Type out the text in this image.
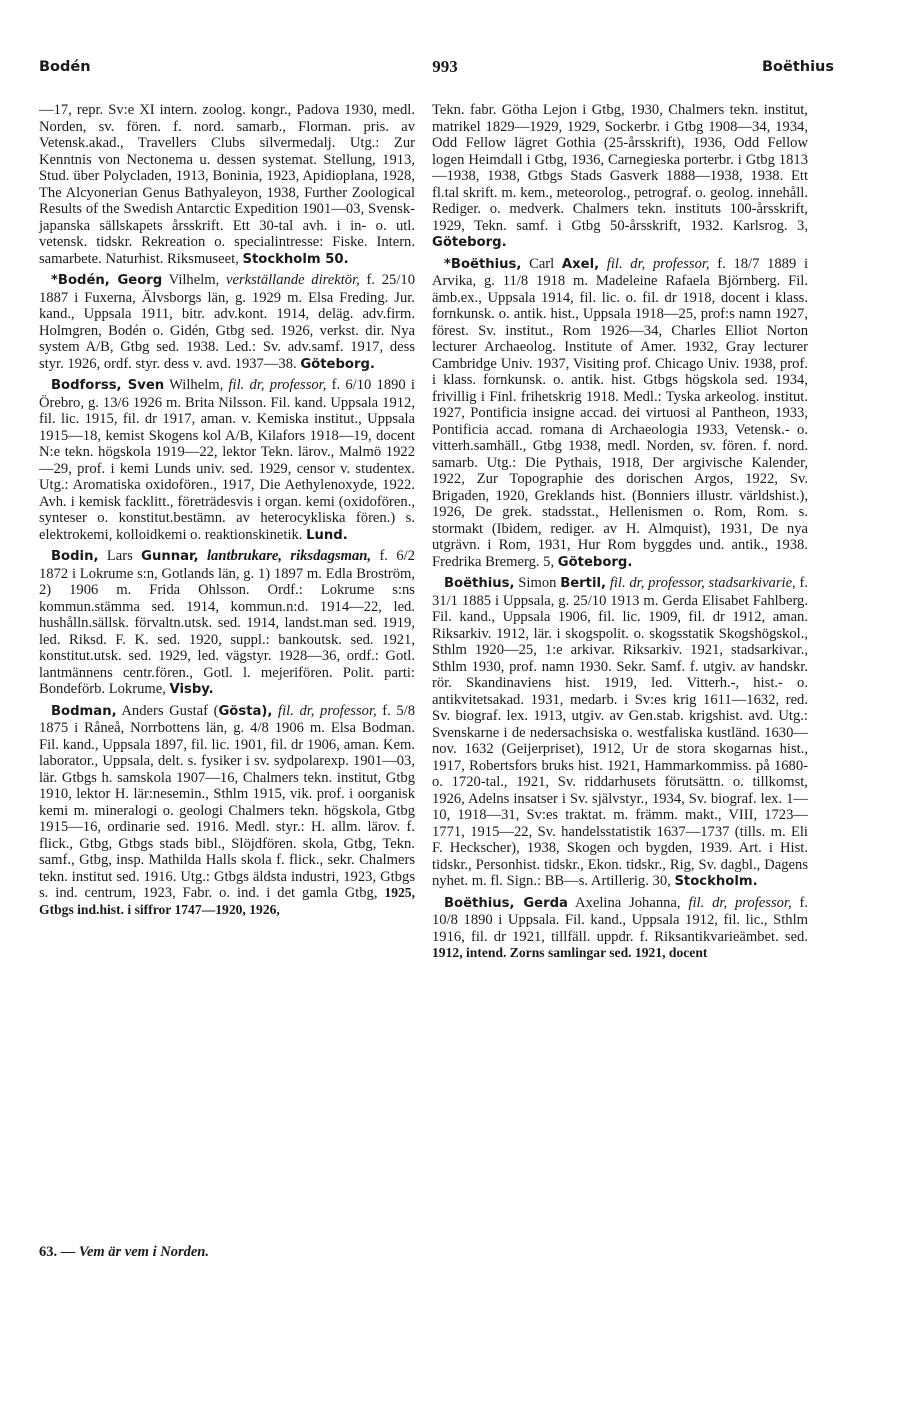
Bodén	993	Boëthius

—17, repr. Sv:e XI intern. zoolog. kongr., Padova 1930, medl. Norden, sv. fören. f. nord. samarb., Florman. pris. av Vetensk.akad., Travellers Clubs silvermedalj. Utg.: Zur Kenntnis von Nectonema u. dessen systemat. Stellung, 1913, Stud. über Polycladen, 1913, Boninia, 1923, Apidioplana, 1928, The Alcyonerian Genus Bathyaleyon, 1938, Further Zoological Results of the Swedish Antarctic Expedition 1901—03, Svensk-japanska sällskapets årsskrift. Ett 30-tal avh. i in- o. utl. vetensk. tidskr. Rekreation o. specialintresse: Fiske. Intern. samarbete. Naturhist. Riksmuseet, Stockholm 50.

*Bodén, Georg Vilhelm, verkställande direktör, f. 25/10 1887 i Fuxerna, Älvsborgs län, g. 1929 m. Elsa Freding. Jur. kand., Uppsala 1911, bitr. adv.kont. 1914, deläg. adv.firm. Holmgren, Bodén o. Gidén, Gtbg sed. 1926, verkst. dir. Nya system A/B, Gtbg sed. 1938. Led.: Sv. adv.samf. 1917, dess styr. 1926, ordf. styr. dess v. avd. 1937—38. Göteborg.

Bodforss, Sven Wilhelm, fil. dr, professor, f. 6/10 1890 i Örebro, g. 13/6 1926 m. Brita Nilsson. Fil. kand. Uppsala 1912, fil. lic. 1915, fil. dr 1917, aman. v. Kemiska institut., Uppsala 1915—18, kemist Skogens kol A/B, Kilafors 1918—19, docent N:e tekn. högskola 1919—22, lektor Tekn. lärov., Malmö 1922—29, prof. i kemi Lunds univ. sed. 1929, censor v. studentex. Utg.: Aromatiska oxidofören., 1917, Die Aethylenoxyde, 1922. Avh. i kemisk facklitt., företrädesvis i organ. kemi (oxidofören., synteser o. konstitut.bestämn. av heterocykliska fören.) s. elektrokemi, kolloidkemi o. reaktionskinetik. Lund.

Bodin, Lars Gunnar, lantbrukare, riksdagsman, f. 6/2 1872 i Lokrume s:n, Gotlands län, g. 1) 1897 m. Edla Broström, 2) 1906 m. Frida Ohlsson. Ordf.: Lokrume s:ns kommun.stämma sed. 1914, kommun.n:d. 1914—22, led. hushålln.sällsk. förvaltn.utsk. sed. 1914, landst.man sed. 1919, led. Riksd. F. K. sed. 1920, suppl.: bankoutsk. sed. 1921, konstitut.utsk. sed. 1929, led. vägstyr. 1928—36, ordf.: Gotl. lantmännens centr.fören., Gotl. l. mejerifören. Polit. parti: Bondeförb. Lokrume, Visby.

Bodman, Anders Gustaf (Gösta), fil. dr, professor, f. 5/8 1875 i Råneå, Norrbottens län, g. 4/8 1906 m. Elsa Bodman. Fil. kand., Uppsala 1897, fil. lic. 1901, fil. dr 1906, aman. Kem. laborator., Uppsala, delt. s. fysiker i sv. sydpolarexp. 1901—03, lär. Gtbgs h. samskola 1907—16, Chalmers tekn. institut, Gtbg 1910, lektor H. lär:nesemin., Sthlm 1915, vik. prof. i oorganisk kemi m. mineralogi o. geologi Chalmers tekn. högskola, Gtbg 1915—16, ordinarie sed. 1916. Medl. styr.: H. allm. lärov. f. flick., Gtbg, Gtbgs stads bibl., Slöjdfören. skola, Gtbg, Tekn. samf., Gtbg, insp. Mathilda Halls skola f. flick., sekr. Chalmers tekn. institut sed. 1916. Utg.: Gtbgs äldsta industri, 1923, Gtbgs s. ind. centrum, 1923, Fabr. o. ind. i det gamla Gtbg, 1925, Gtbgs ind.hist. i siffror 1747—1920, 1926,

Tekn. fabr. Götha Lejon i Gtbg, 1930, Chalmers tekn. institut, matrikel 1829—1929, 1929, Sockerbr. i Gtbg 1908—34, 1934, Odd Fellow lägret Gothia (25-årsskrift), 1936, Odd Fellow logen Heimdall i Gtbg, 1936, Carnegieska porterbr. i Gtbg 1813—1938, 1938, Gtbgs Stads Gasverk 1888—1938, 1938. Ett fl.tal skrift. m. kem., meteorolog., petrograf. o. geolog. innehåll. Rediger. o. medverk. Chalmers tekn. instituts 100-årsskrift, 1929, Tekn. samf. i Gtbg 50-årsskrift, 1932. Karlsrog. 3, Göteborg.

*Boëthius, Carl Axel, fil. dr, professor, f. 18/7 1889 i Arvika, g. 11/8 1918 m. Madeleine Rafaela Björnberg. Fil. ämb.ex., Uppsala 1914, fil. lic. o. fil. dr 1918, docent i klass. fornkunsk. o. antik. hist., Uppsala 1918—25, prof:s namn 1927, förest. Sv. institut., Rom 1926—34, Charles Elliot Norton lecturer Archaeolog. Institute of Amer. 1932, Gray lecturer Cambridge Univ. 1937, Visiting prof. Chicago Univ. 1938, prof. i klass. fornkunsk. o. antik. hist. Gtbgs högskola sed. 1934, frivillig i Finl. frihetskrig 1918. Medl.: Tyska arkeolog. institut. 1927, Pontificia insigne accad. dei virtuosi al Pantheon, 1933, Pontificia accad. romana di Archaeologia 1933, Vetensk.- o. vitterh.samhäll., Gtbg 1938, medl. Norden, sv. fören. f. nord. samarb. Utg.: Die Pythais, 1918, Der argivische Kalender, 1922, Zur Topographie des dorischen Argos, 1922, Sv. Brigaden, 1920, Greklands hist. (Bonniers illustr. världshist.), 1926, De grek. stadsstat., Hellenismen o. Rom, Rom. s. stormakt (Ibidem, rediger. av H. Almquist), 1931, De nya utgrävn. i Rom, 1931, Hur Rom byggdes und. antik., 1938. Fredrika Bremerg. 5, Göteborg.

Boëthius, Simon Bertil, fil. dr, professor, stadsarkivarie, f. 31/1 1885 i Uppsala, g. 25/10 1913 m. Gerda Elisabet Fahlberg. Fil. kand., Uppsala 1906, fil. lic. 1909, fil. dr 1912, aman. Riksarkiv. 1912, lär. i skogspolit. o. skogsstatik Skogshögskol., Sthlm 1920—25, 1:e arkivar. Riksarkiv. 1921, stadsarkivar., Sthlm 1930, prof. namn 1930. Sekr. Samf. f. utgiv. av handskr. rör. Skandinaviens hist. 1919, led. Vitterh.-, hist.- o. antikvitetsakad. 1931, medarb. i Sv:es krig 1611—1632, red. Sv. biograf. lex. 1913, utgiv. av Gen.stab. krigshist. avd. Utg.: Svenskarne i de nedersachsiska o. westfaliska kustländ. 1630—nov. 1632 (Geijerpriset), 1912, Ur de stora skogarnas hist., 1917, Robertsfors bruks hist. 1921, Hammarkommiss. på 1680- o. 1720-tal., 1921, Sv. riddarhusets förutsättn. o. tillkomst, 1926, Adelns insatser i Sv. självstyr., 1934, Sv. biograf. lex. 1—10, 1918—31, Sv:es traktat. m. främm. makt., VIII, 1723—1771, 1915—22, Sv. handelsstatistik 1637—1737 (tills. m. Eli F. Heckscher), 1938, Skogen och bygden, 1939. Art. i Hist. tidskr., Personhist. tidskr., Ekon. tidskr., Rig, Sv. dagbl., Dagens nyhet. m. fl. Sign.: BB—s. Artillerig. 30, Stockholm.

Boëthius, Gerda Axelina Johanna, fil. dr, professor, f. 10/8 1890 i Uppsala. Fil. kand., Uppsala 1912, fil. lic., Sthlm 1916, fil. dr 1921, tillfäll. uppdr. f. Riksantikvarieämbet. sed. 1912, intend. Zorns samlingar sed. 1921, docent

63. — Vem är vem i Norden.
